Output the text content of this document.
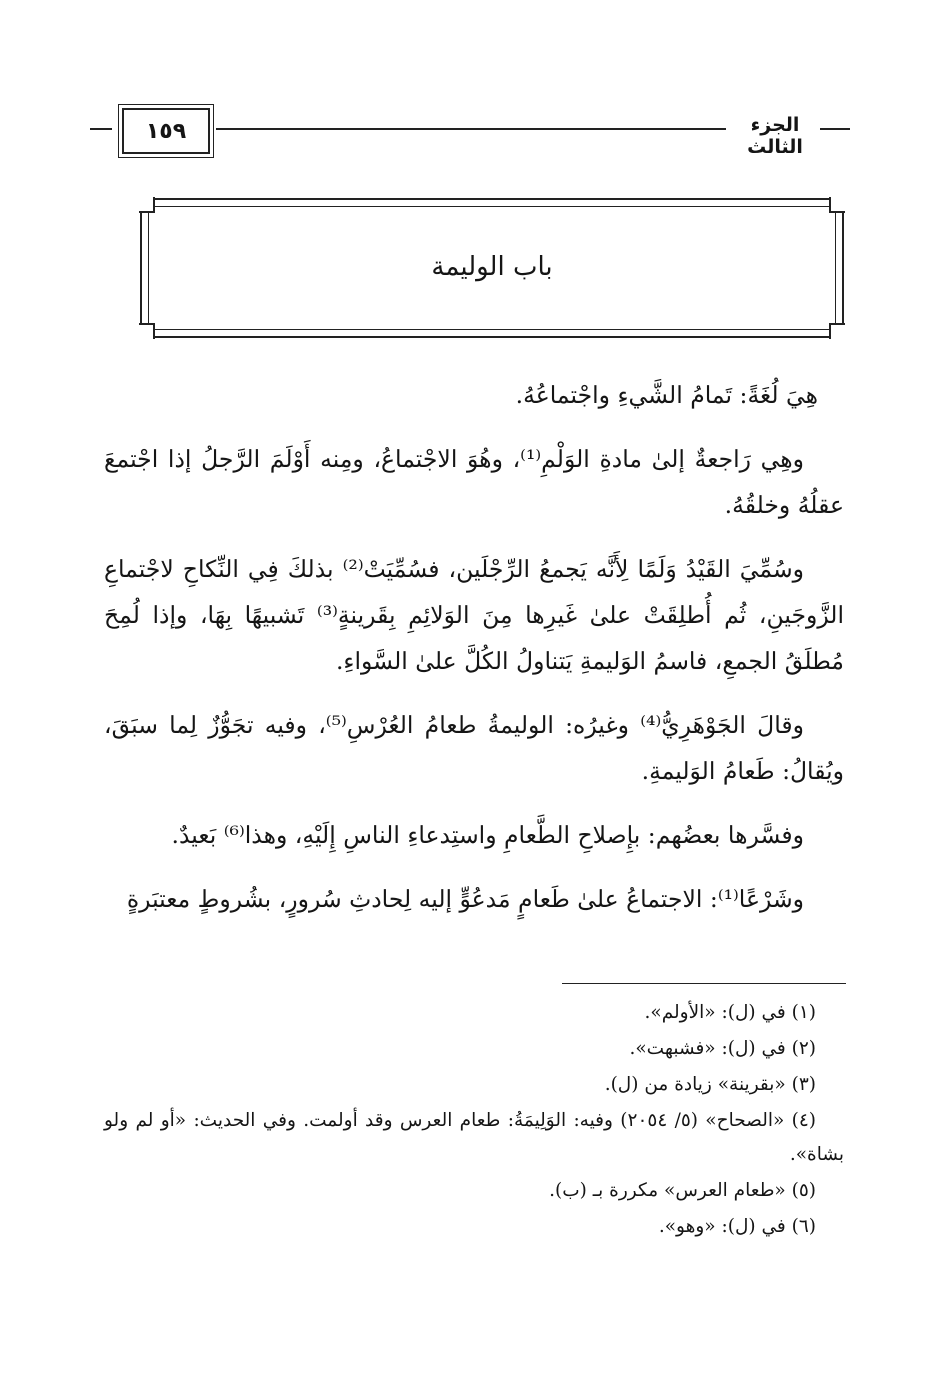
١٥٩	الجزء الثالث
باب الوليمة

هِيَ لُغَةً: تَمامُ الشَّيءِ واجْتماعُهُ.

وهِي رَاجعةٌ إلىٰ مادةِ الوَلْمِ⁽¹⁾، وهُوَ الاجْتماعُ، ومِنه أَوْلَمَ الرَّجلُ إذا اجْتمعَ عقلُهُ وخلقُهُ.

وسُمِّيَ القَيْدُ وَلَمًا لِأَنَّه يَجمعُ الرِّجْلَين، فسُمِّيَتْ⁽²⁾ بذلكَ فِي النِّكاحِ لاجْتماعِ الزَّوجَينِ، ثُم أُطلِقَتْ علىٰ غَيرِها مِنَ الوَلائِمِ بِقَرينةٍ⁽³⁾ تَشبيهًا بِهَا، وإذا لُمِحَ مُطلَقُ الجمعِ، فاسمُ الوَليمةِ يَتناولُ الكُلَّ علىٰ السَّواءِ.

وقالَ الجَوْهَرِيُّ⁽⁴⁾ وغيرُه: الوليمةُ طعامُ العُرْسِ⁽⁵⁾، وفيه تجَوُّزٌ لِما سبَقَ، ويُقالُ: طَعامُ الوَليمةِ.

وفسَّرها بعضُهم: بإِصلاحِ الطَّعامِ واستِدعاءِ الناسِ إِلَيْهِ، وهذا⁽⁶⁾ بَعيدٌ.

وشَرْعًا⁽¹⁾: الاجتماعُ علىٰ طَعامٍ مَدعُوٍّ إليه لِحادثِ سُرورٍ، بشُروطٍ معتبَرةٍ

(١) في (ل): «الأولم».

(٢) في (ل): «فشبهت».

(٣) «بقرينة» زيادة من (ل).

(٤) «الصحاح» (٥/ ٢٠٥٤) وفيه: الوَلِيمَةُ: طعام العرس وقد أولمت. وفي الحديث: «أو لم ولو بشاة».

(٥) «طعام العرس» مكررة بـ (ب).

(٦) في (ل): «وهو».
